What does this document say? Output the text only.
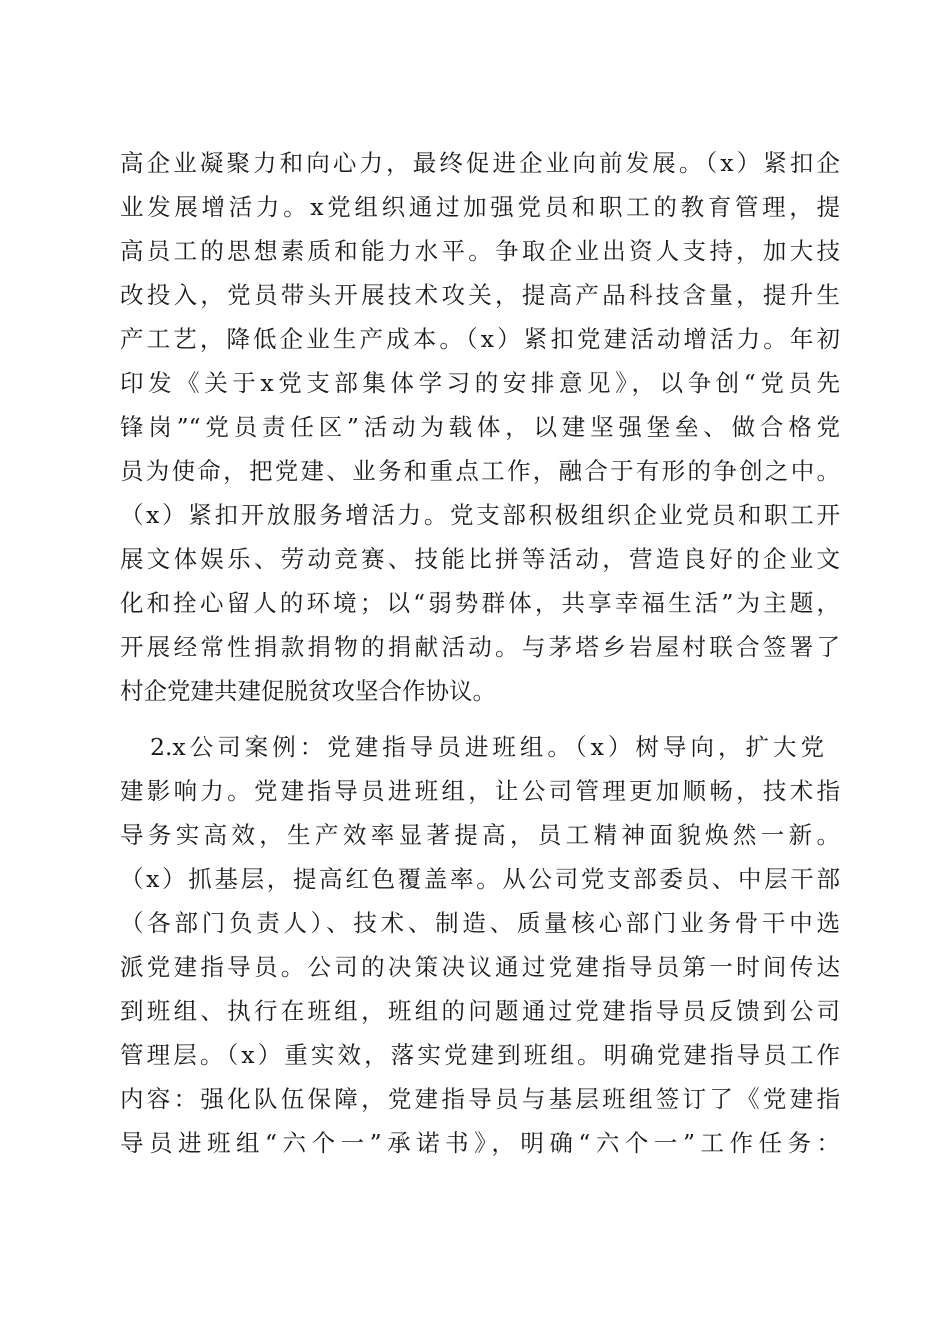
高企业凝聚力和向心力，最终促进企业向前发展。（x）紧扣企
业发展增活力。x党组织通过加强党员和职工的教育管理，提
高员工的思想素质和能力水平。争取企业出资人支持，加大技
改投入，党员带头开展技术攻关，提高产品科技含量，提升生
产工艺，降低企业生产成本。（x）紧扣党建活动增活力。年初
印发《关于x党支部集体学习的安排意见》，以争创“党员先
锋岗”“党员责任区”活动为载体，以建坚强堡垒、做合格党
员为使命，把党建、业务和重点工作，融合于有形的争创之中。
（x）紧扣开放服务增活力。党支部积极组织企业党员和职工开
展文体娱乐、劳动竞赛、技能比拼等活动，营造良好的企业文
化和拴心留人的环境；以“弱势群体，共享幸福生活”为主题，
开展经常性捐款捐物的捐献活动。与茅塔乡岩屋村联合签署了
村企党建共建促脱贫攻坚合作协议。
2.x公司案例：党建指导员进班组。（x）树导向，扩大党
建影响力。党建指导员进班组，让公司管理更加顺畅，技术指
导务实高效，生产效率显著提高，员工精神面貌焕然一新。
（x）抓基层，提高红色覆盖率。从公司党支部委员、中层干部
（各部门负责人）、技术、制造、质量核心部门业务骨干中选
派党建指导员。公司的决策决议通过党建指导员第一时间传达
到班组、执行在班组，班组的问题通过党建指导员反馈到公司
管理层。（x）重实效，落实党建到班组。明确党建指导员工作
内容：强化队伍保障，党建指导员与基层班组签订了《党建指
导员进班组“六个一”承诺书》，明确“六个一”工作任务：
